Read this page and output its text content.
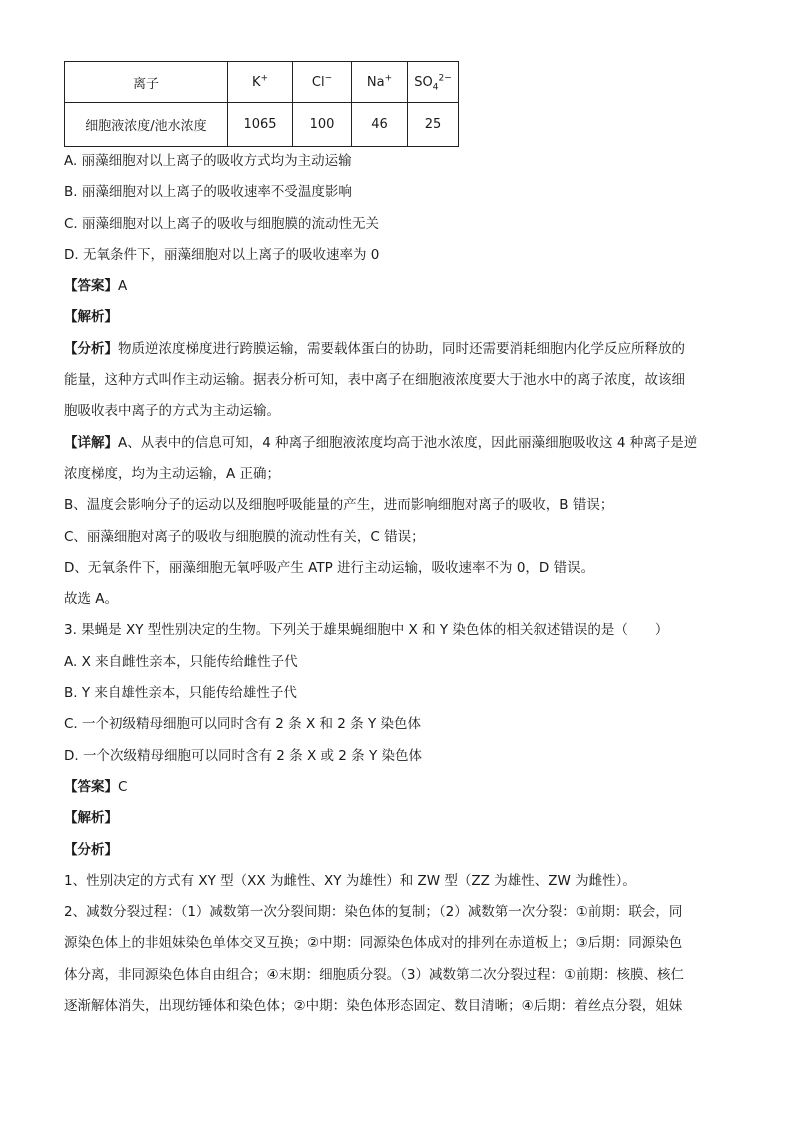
离子	K+	Cl−	Na+	$SO_4^{2-}$
细胞液浓度/池水浓度	1065	100	46	25
A. 丽藻细胞对以上离子的吸收方式均为主动运输
B. 丽藻细胞对以上离子的吸收速率不受温度影响
C. 丽藻细胞对以上离子的吸收与细胞膜的流动性无关
D. 无氧条件下，丽藻细胞对以上离子的吸收速率为 0
【答案】A
【解析】
【分析】物质逆浓度梯度进行跨膜运输，需要载体蛋白的协助，同时还需要消耗细胞内化学反应所释放的
能量，这种方式叫作主动运输。据表分析可知，表中离子在细胞液浓度要大于池水中的离子浓度，故该细
胞吸收表中离子的方式为主动运输。
【详解】A、从表中的信息可知，4 种离子细胞液浓度均高于池水浓度，因此丽藻细胞吸收这 4 种离子是逆
浓度梯度，均为主动运输，A 正确；
B、温度会影响分子的运动以及细胞呼吸能量的产生，进而影响细胞对离子的吸收，B 错误；
C、丽藻细胞对离子的吸收与细胞膜的流动性有关，C 错误；
D、无氧条件下，丽藻细胞无氧呼吸产生 ATP 进行主动运输，吸收速率不为 0，D 错误。
故选 A。
3. 果蝇是 XY 型性别决定的生物。下列关于雄果蝇细胞中 X 和 Y 染色体的相关叙述错误的是（　　）
A. X 来自雌性亲本，只能传给雌性子代
B. Y 来自雄性亲本，只能传给雄性子代
C. 一个初级精母细胞可以同时含有 2 条 X 和 2 条 Y 染色体
D. 一个次级精母细胞可以同时含有 2 条 X 或 2 条 Y 染色体
【答案】C
【解析】
【分析】
1、性别决定的方式有 XY 型（XX 为雌性、XY 为雄性）和 ZW 型（ZZ 为雄性、ZW 为雌性）。
2、减数分裂过程：（1）减数第一次分裂间期：染色体的复制；（2）减数第一次分裂：①前期：联会，同
源染色体上的非姐妹染色单体交叉互换；②中期：同源染色体成对的排列在赤道板上；③后期：同源染色
体分离，非同源染色体自由组合；④末期：细胞质分裂。（3）减数第二次分裂过程：①前期：核膜、核仁
逐渐解体消失，出现纺锤体和染色体；②中期：染色体形态固定、数目清晰；④后期：着丝点分裂，姐妹
